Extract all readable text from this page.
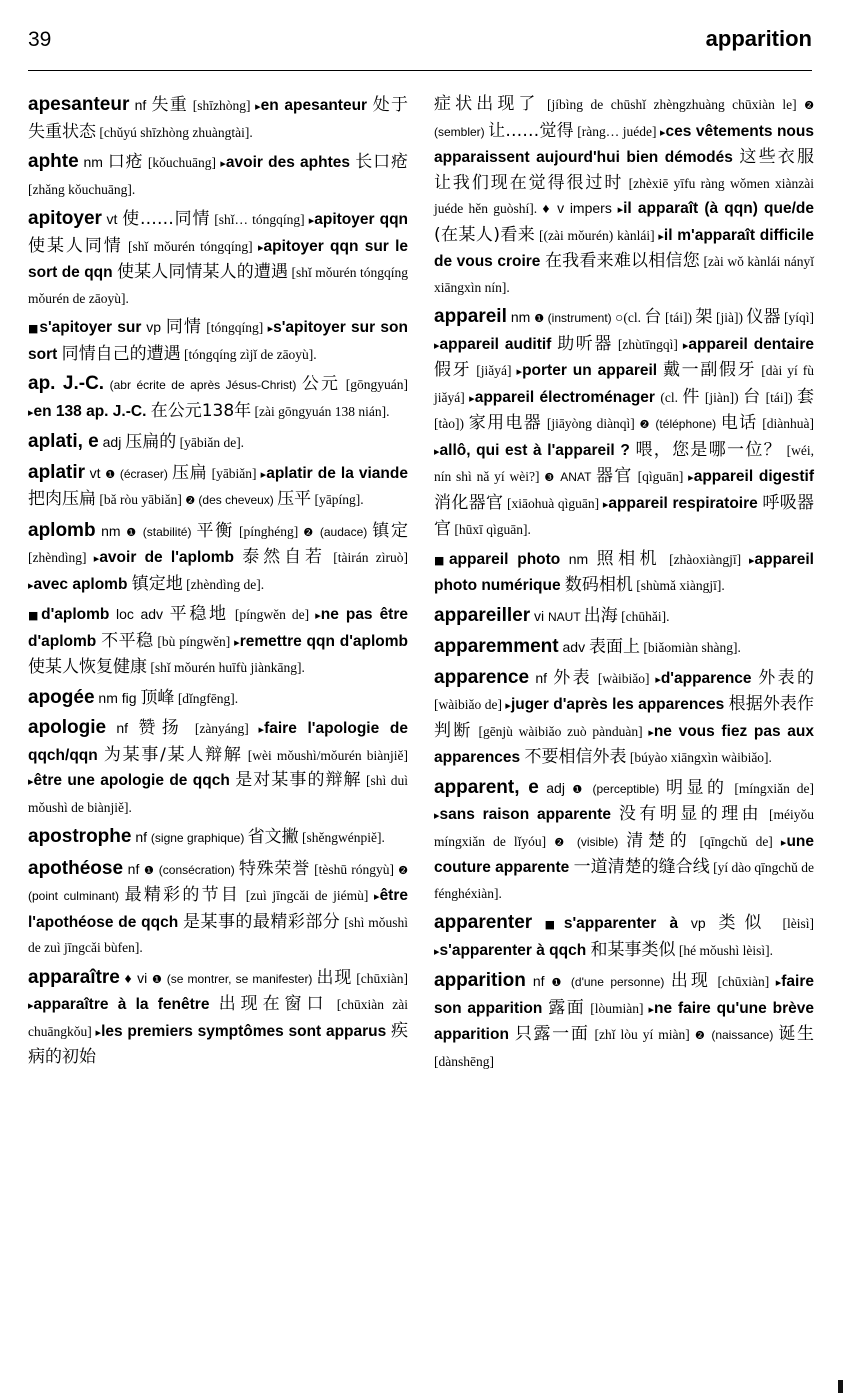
39	apparition

apesanteur nf 失重 [shīzhòng] ▸en apesanteur 处于失重状态 [chǔyú shīzhòng zhuàngtài].

aphte nm 口疮 [kǒuchuāng] ▸avoir des aphtes 长口疮 [zhǎng kǒuchuāng].

apitoyer vt 使……同情 [shǐ… tóngqíng] ▸apitoyer qqn 使某人同情 [shǐ mǒurén tóngqíng] ▸apitoyer qqn sur le sort de qqn 使某人同情某人的遭遇 [shǐ mǒurén tóngqíng mǒurén de zāoyù].

■s'apitoyer sur vp 同情 [tóngqíng] ▸s'apitoyer sur son sort 同情自己的遭遇 [tóngqíng zìjǐ de zāoyù].

ap. J.-C. (abr écrite de après Jésus-Christ) 公元 [gōngyuán] ▸en 138 ap. J.-C. 在公元138年 [zài gōngyuán 138 nián].

aplati, e adj 压扁的 [yābiǎn de].

aplatir vt ❶ (écraser) 压扁 [yābiǎn] ▸aplatir de la viande 把肉压扁 [bǎ ròu yābiǎn] ❷ (des cheveux) 压平 [yāpíng].

aplomb nm ❶ (stabilité) 平衡 [pínghéng] ❷ (audace) 镇定 [zhèndìng] ▸avoir de l'aplomb 泰然自若 [tàirán zìruò] ▸avec aplomb 镇定地 [zhèndìng de].

■d'aplomb loc adv 平稳地 [píngwěn de] ▸ne pas être d'aplomb 不平稳 [bù píngwěn] ▸remettre qqn d'aplomb 使某人恢复健康 [shǐ mǒurén huīfù jiànkāng].

apogée nm fig 顶峰 [dǐngfēng].

apologie nf 赞扬 [zànyáng] ▸faire l'apologie de qqch/qqn 为某事/某人辩解 [wèi mǒushì/mǒurén biànjiě] ▸être une apologie de qqch 是对某事的辩解 [shì duì mǒushì de biànjiě].

apostrophe nf (signe graphique) 省文撇 [shěngwénpiě].

apothéose nf ❶ (consécration) 特殊荣誉 [tèshū róngyù] ❷ (point culminant) 最精彩的节目 [zuì jīngcǎi de jiémù] ▸être l'apothéose de qqch 是某事的最精彩部分 [shì mǒushì de zuì jīngcǎi bùfen].

apparaître ♦ vi ❶ (se montrer, se manifester) 出现 [chūxiàn] ▸apparaître à la fenêtre 出现在窗口 [chūxiàn zài chuāngkǒu] ▸les premiers symptômes sont apparus 疾病的初始

症状出现了 [jíbìng de chūshǐ zhèngzhuàng chūxiàn le] ❷ (sembler) 让……觉得 [ràng… juéde] ▸ces vêtements nous apparaissent aujourd'hui bien démodés 这些衣服让我们现在觉得很过时 [zhèxiē yīfu ràng wǒmen xiànzài juéde hěn guòshí]. ♦ v impers ▸il apparaît (à qqn) que/de (在某人)看来 [(zài mǒurén) kànlái] ▸il m'apparaît difficile de vous croire 在我看来难以相信您 [zài wǒ kànlái nányǐ xiāngxìn nín].

appareil nm ❶ (instrument) ○(cl. 台 [tái]) 架 [jià]) 仪器 [yíqì] ▸appareil auditif 助听器 [zhùtīngqì] ▸appareil dentaire 假牙 [jiǎyá] ▸porter un appareil 戴一副假牙 [dài yí fù jiǎyá] ▸appareil électroménager (cl. 件 [jiàn]) 台 [tái]) 套 [tào]) 家用电器 [jiāyòng diànqì] ❷ (téléphone) 电话 [diànhuà] ▸allô, qui est à l'appareil ? 喂，您是哪一位？ [wéi, nín shì nǎ yí wèi?] ❸ ANAT 器官 [qìguān] ▸appareil digestif 消化器官 [xiāohuà qìguān] ▸appareil respiratoire 呼吸器官 [hūxī qìguān].

■appareil photo nm 照相机 [zhàoxiàngjī] ▸appareil photo numérique 数码相机 [shùmǎ xiàngjī].

appareiller vi NAUT 出海 [chūhǎi].

apparemment adv 表面上 [biǎomiàn shàng].

apparence nf 外表 [wàibiǎo] ▸d'apparence 外表的 [wàibiǎo de] ▸juger d'après les apparences 根据外表作判断 [gēnjù wàibiǎo zuò pànduàn] ▸ne vous fiez pas aux apparences 不要相信外表 [búyào xiāngxìn wàibiǎo].

apparent, e adj ❶ (perceptible) 明显的 [míngxiǎn de] ▸sans raison apparente 没有明显的理由 [méiyǒu míngxiǎn de lǐyóu] ❷ (visible) 清楚的 [qīngchǔ de] ▸une couture apparente 一道清楚的缝合线 [yí dào qīngchǔ de fénghéxiàn].

apparenter ■s'apparenter à vp 类似 [lèisì] ▸s'apparenter à qqch 和某事类似 [hé mǒushì lèisì].

apparition nf ❶ (d'une personne) 出现 [chūxiàn] ▸faire son apparition 露面 [lòumiàn] ▸ne faire qu'une brève apparition 只露一面 [zhǐ lòu yí miàn] ❷ (naissance) 诞生 [dànshēng]
